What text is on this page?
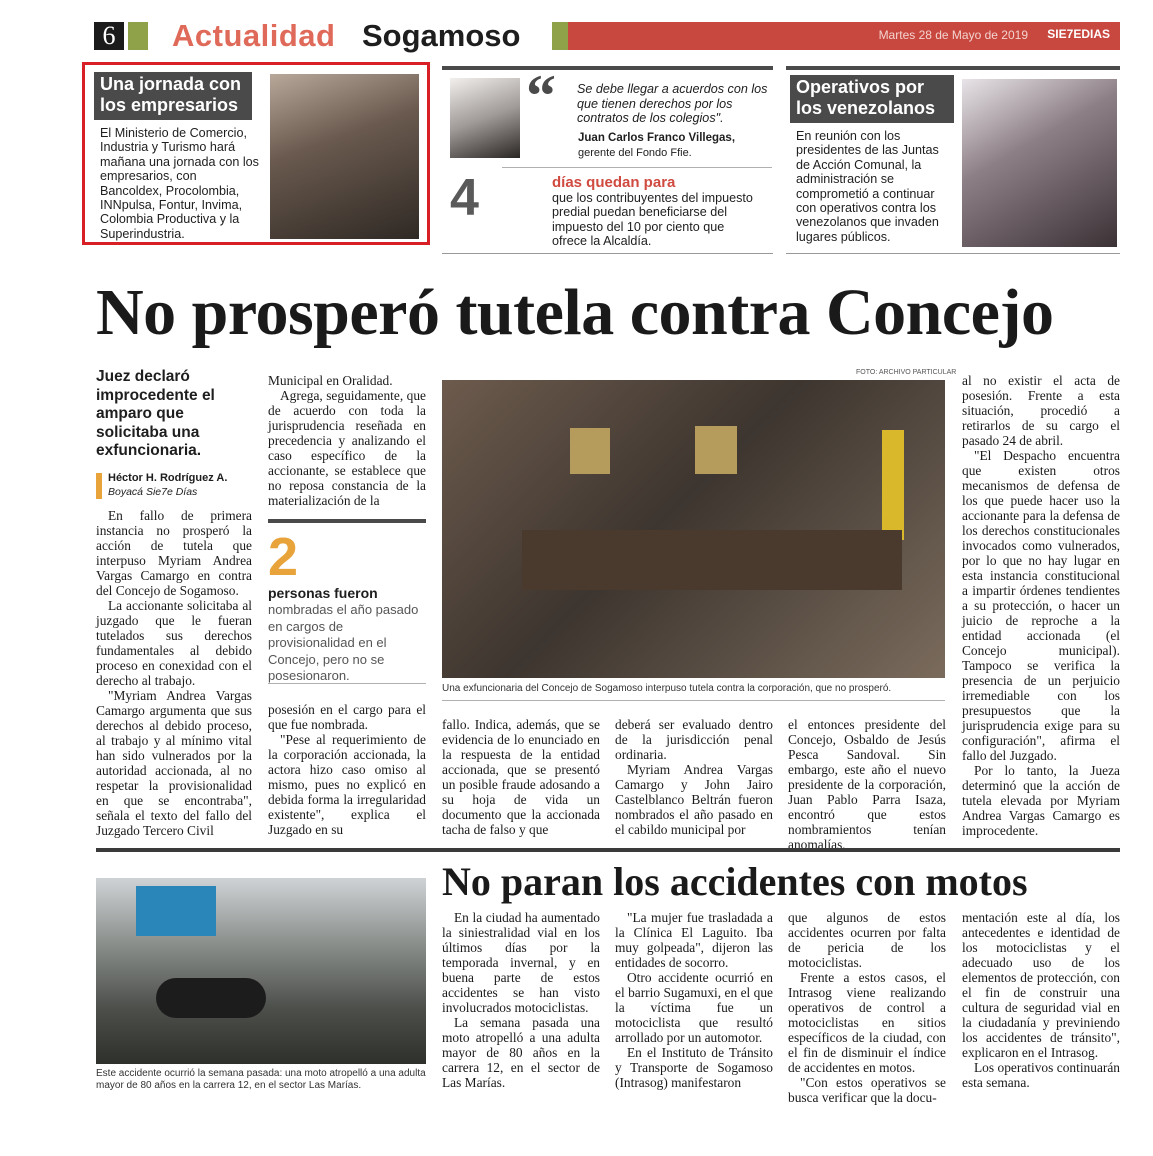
6 Actualidad Sogamoso	Martes 28 de Mayo de 2019 SIE7EDIAS
Una jornada con los empresarios
El Ministerio de Comercio, Industria y Turismo hará mañana una jornada con los empresarios, con Bancoldex, Procolombia, INNpulsa, Fontur, Invima, Colombia Productiva y la Superindustria.
“ Se debe llegar a acuerdos con los que tienen derechos por los contratos de los colegios".
Juan Carlos Franco Villegas,
gerente del Fondo Ffie.
4	días quedan para
que los contribuyentes del impuesto predial puedan beneficiarse del impuesto del 10 por ciento que ofrece la Alcaldía.
Operativos por los venezolanos
En reunión con los presidentes de las Juntas de Acción Comunal, la administración se comprometió a continuar con operativos contra los venezolanos que invaden lugares públicos.
No prosperó tutela contra Concejo
Juez declaró improcedente el amparo que solicitaba una exfuncionaria.
Héctor H. Rodríguez A.
Boyacá Sie7e Días

En fallo de primera instancia no prosperó la acción de tutela que interpuso Myriam Andrea Vargas Camargo en contra del Concejo de Sogamoso.

La accionante solicitaba al juzgado que le fueran tutelados sus derechos fundamentales al debido proceso en conexidad con el derecho al trabajo.

"Myriam Andrea Vargas Camargo argumenta que sus derechos al debido proceso, al trabajo y al mínimo vital han sido vulnerados por la autoridad accionada, al no respetar la provisionalidad en que se encontraba", señala el texto del fallo del Juzgado Tercero Civil

Municipal en Oralidad.

Agrega, seguidamente, que de acuerdo con toda la jurisprudencia reseñada en precedencia y analizando el caso específico de la accionante, se establece que no reposa constancia de la materialización de la

2
personas fueron
nombradas el año pasado en cargos de provisionalidad en el Concejo, pero no se posesionaron.

posesión en el cargo para el que fue nombrada.

"Pese al requerimiento de la corporación accionada, la actora hizo caso omiso al mismo, pues no explicó en debida forma la irregularidad existente", explica el Juzgado en su

FOTO: ARCHIVO PARTICULAR
Una exfuncionaria del Concejo de Sogamoso interpuso tutela contra la corporación, que no prosperó.

fallo. Indica, además, que se evidencia de lo enunciado en la respuesta de la entidad accionada, que se presentó un posible fraude adosando a su hoja de vida un documento que la accionada tacha de falso y que

deberá ser evaluado dentro de la jurisdicción penal ordinaria.

Myriam Andrea Vargas Camargo y John Jairo Castelblanco Beltrán fueron nombrados el año pasado en el cabildo municipal por

el entonces presidente del Concejo, Osbaldo de Jesús Pesca Sandoval. Sin embargo, este año el nuevo presidente de la corporación, Juan Pablo Parra Isaza, encontró que estos nombramientos tenían anomalías,

al no existir el acta de posesión. Frente a esta situación, procedió a retirarlos de su cargo el pasado 24 de abril.

"El Despacho encuentra que existen otros mecanismos de defensa de los que puede hacer uso la accionante para la defensa de los derechos constitucionales invocados como vulnerados, por lo que no hay lugar en esta instancia constitucional a impartir órdenes tendientes a su protección, o hacer un juicio de reproche a la entidad accionada (el Concejo municipal). Tampoco se verifica la presencia de un perjuicio irremediable con los presupuestos que la jurisprudencia exige para su configuración", afirma el fallo del Juzgado.

Por lo tanto, la Jueza determinó que la acción de tutela elevada por Myriam Andrea Vargas Camargo es improcedente.

Este accidente ocurrió la semana pasada: una moto atropelló a una adulta mayor de 80 años en la carrera 12, en el sector Las Marías.
No paran los accidentes con motos

En la ciudad ha aumentado la siniestralidad vial en los últimos días por la temporada invernal, y en buena parte de estos accidentes se han visto involucrados motociclistas.

La semana pasada una moto atropelló a una adulta mayor de 80 años en la carrera 12, en el sector de Las Marías.

"La mujer fue trasladada a la Clínica El Laguito. Iba muy golpeada", dijeron las entidades de socorro.

Otro accidente ocurrió en el barrio Sugamuxi, en el que la víctima fue un motociclista que resultó arrollado por un automotor.

En el Instituto de Tránsito y Transporte de Sogamoso (Intrasog) manifestaron

que algunos de estos accidentes ocurren por falta de pericia de los motociclistas.

Frente a estos casos, el Intrasog viene realizando operativos de control a motociclistas en sitios específicos de la ciudad, con el fin de disminuir el índice de accidentes en motos.

"Con estos operativos se busca verificar que la docu-

mentación este al día, los antecedentes e identidad de los motociclistas y el adecuado uso de los elementos de protección, con el fin de construir una cultura de seguridad vial en la ciudadanía y previniendo los accidentes de tránsito", explicaron en el Intrasog.

Los operativos continuarán esta semana.
